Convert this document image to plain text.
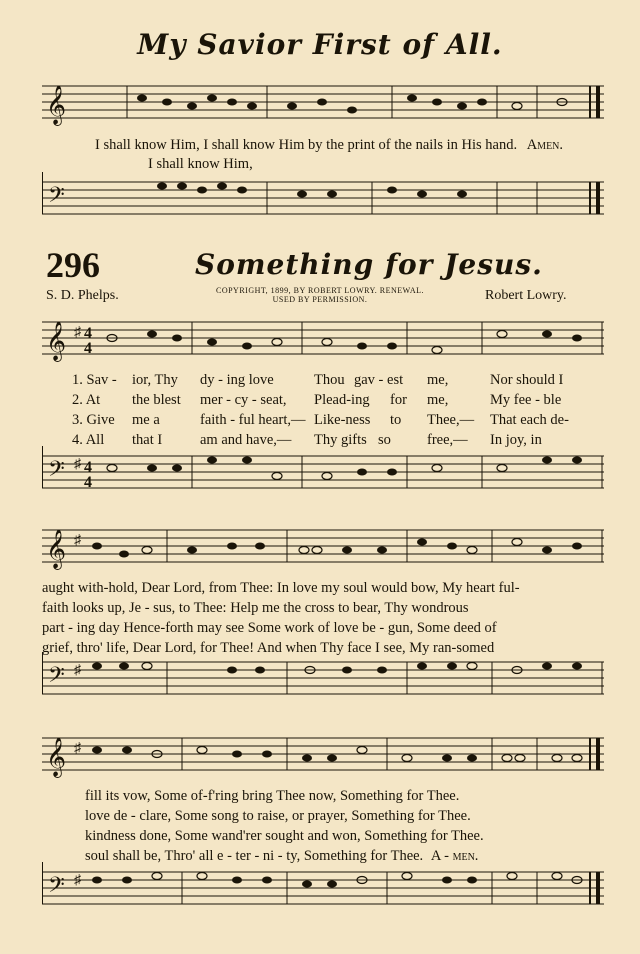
My Savior First of All.
𝄞
I shall know Him, I shall know Him by the print of the nails in His hand. Amen.
I shall know Him,
𝄢
296	Something for Jesus.
S. D. Phelps.	COPYRIGHT, 1899, BY ROBERT LOWRY. RENEWAL.
USED BY PERMISSION.	Robert Lowry.
𝄞 ♯ 4
4
1. Sav - ior, Thy dy - ing love	Thou gav - est me,	Nor should I
2. At the blest mer - cy - seat, Plead-ing for me,	My fee - ble
3. Give me a	faith - ful heart,— Like-ness to Thee,— That each de-
4. All that I	am and have,— Thy gifts so free,— In joy, in
𝄢 ♯ 4
4
𝄞 ♯
aught with-hold, Dear Lord, from Thee: In love my soul would bow, My heart ful-
faith looks up, Je - sus, to Thee: Help me the cross to bear, Thy wondrous
part - ing day Hence-forth may see Some work of love be - gun, Some deed of
grief, thro' life, Dear Lord, for Thee! And when Thy face I see, My ran-somed
𝄢 ♯
𝄞 ♯
fill its vow, Some of-f'ring bring Thee now, Something for Thee.
love de - clare, Some song to raise, or prayer, Something for Thee.
kindness done, Some wand'rer sought and won, Something for Thee.
soul shall be, Thro' all e - ter - ni - ty, Something for Thee. A - men.
𝄢 ♯
